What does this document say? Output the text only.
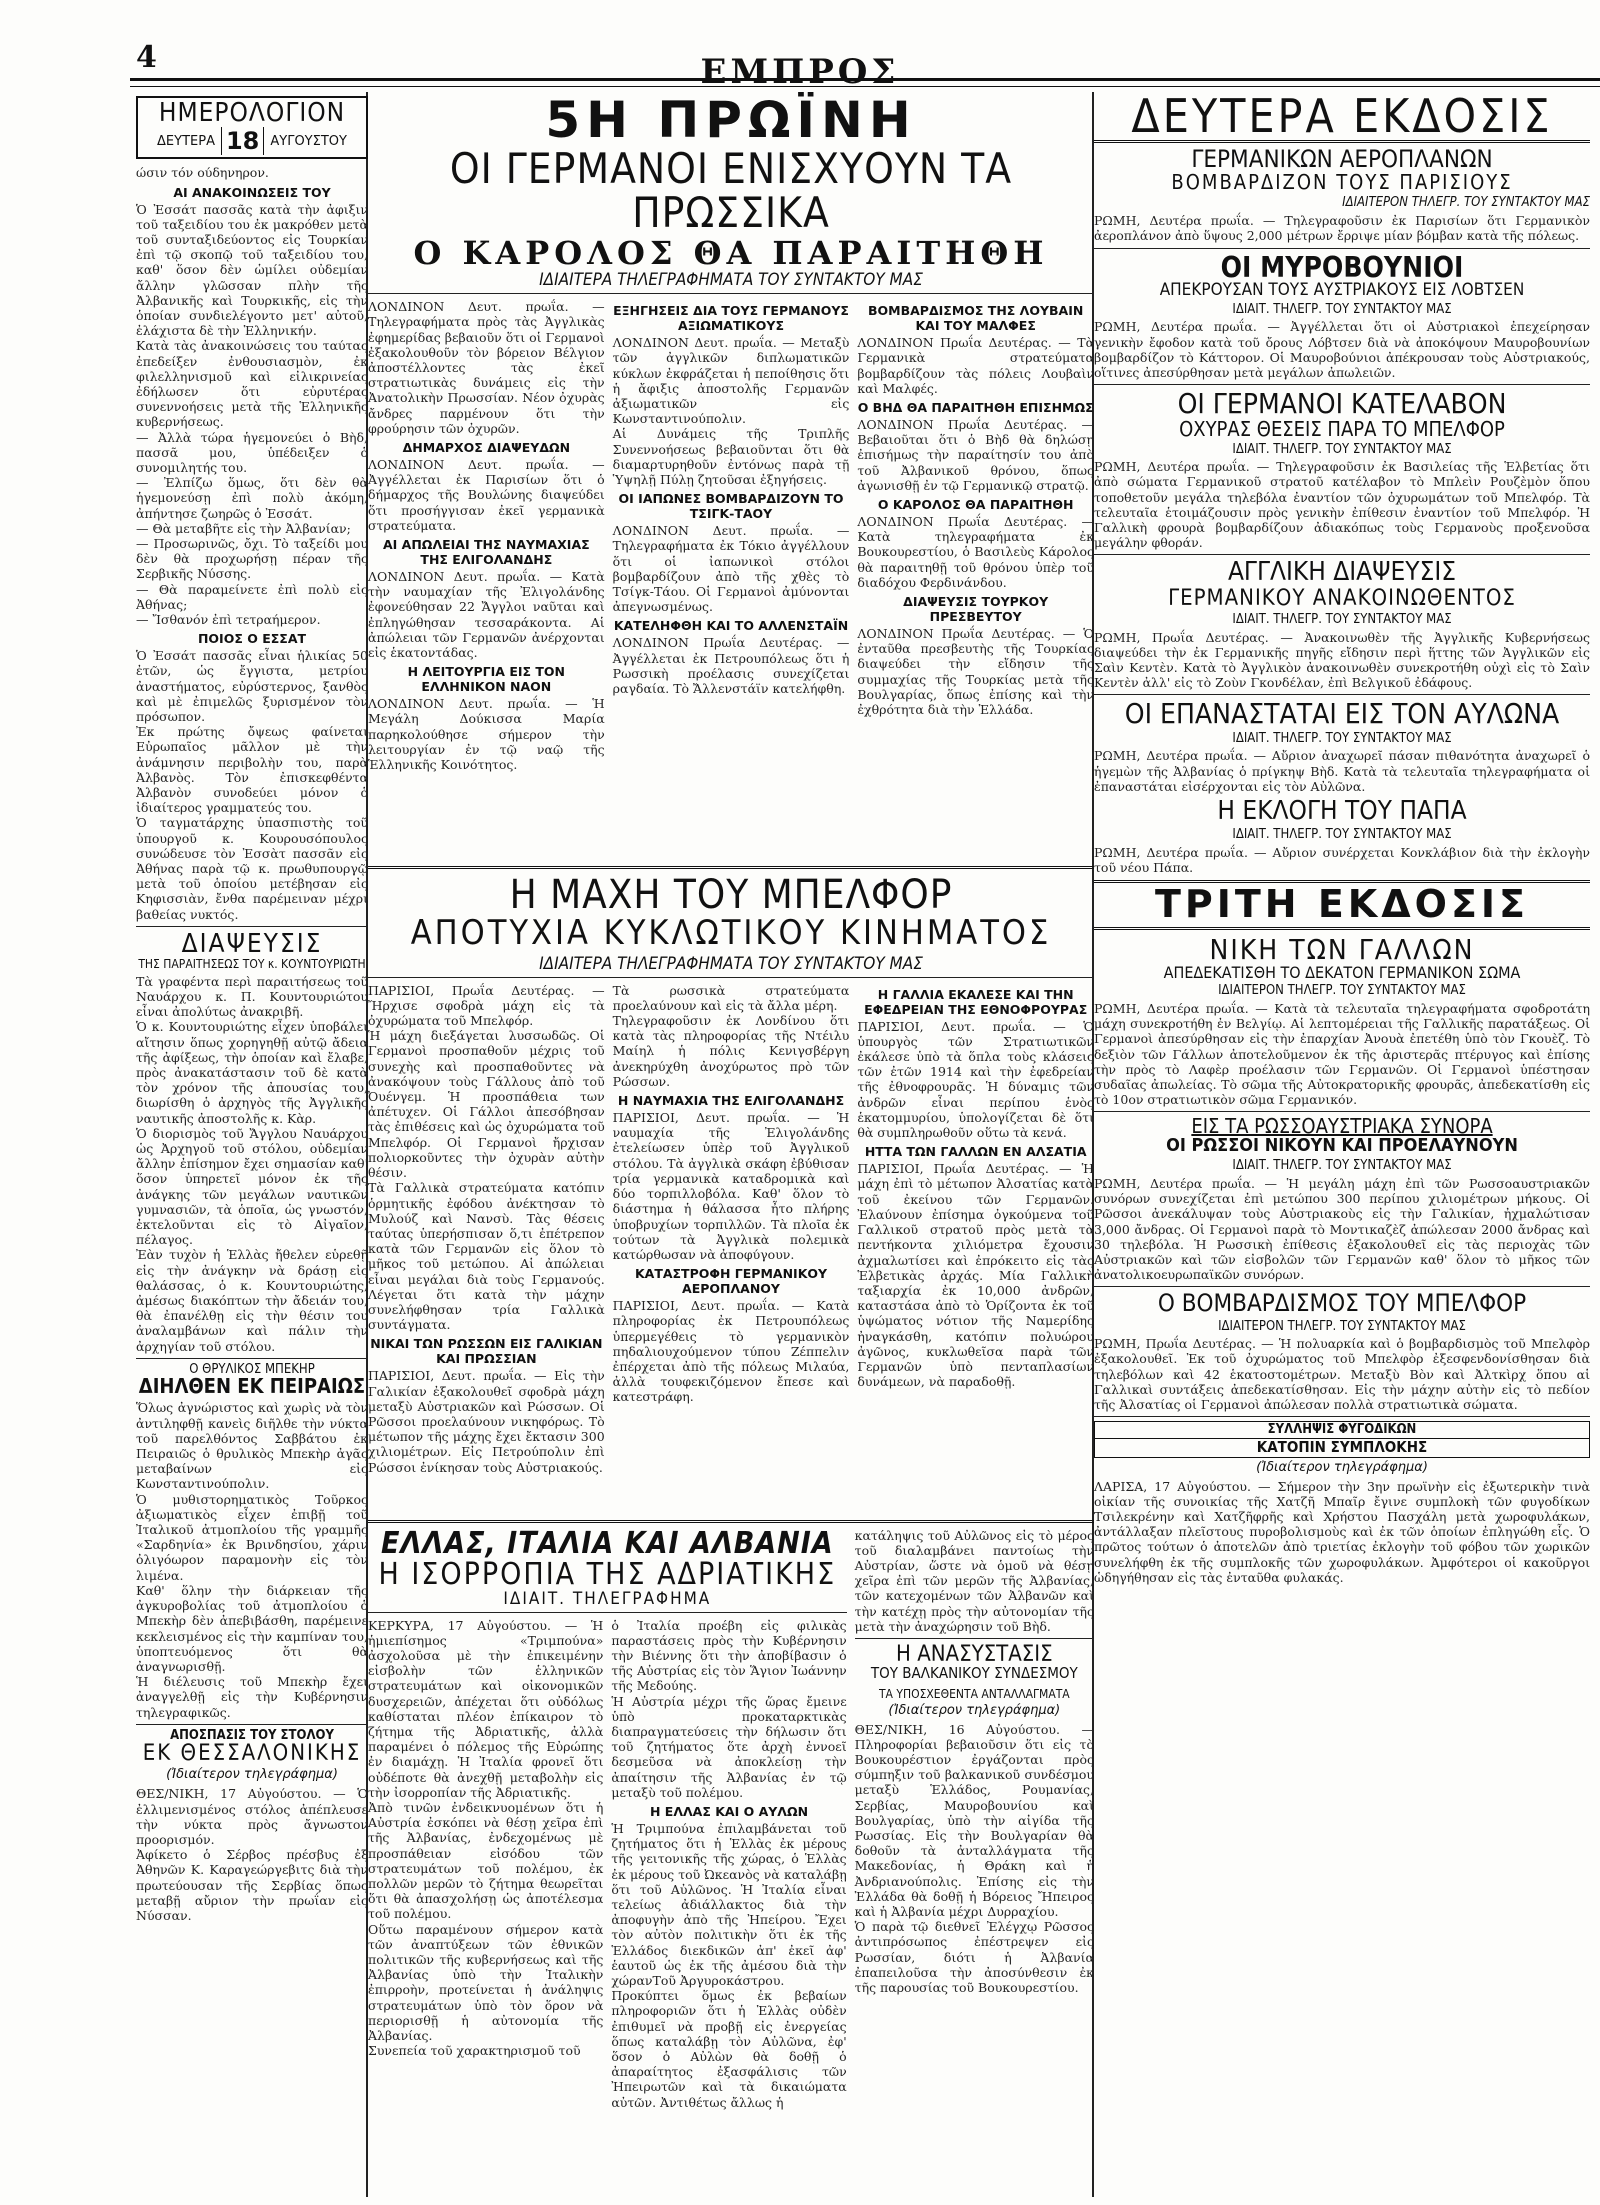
4	ΕΜΠΡΟΣ
ΗΜΕΡΟΛΟΓΙΟΝ
ΔΕΥΤΕΡΑ 18 ΑΥΓΟΥΣΤΟΥ

ώσιν τόν ούδηνηρον.

ΑΙ ΑΝΑΚΟΙΝΩΣΕΙΣ ΤΟΥ

Ὁ Ἐσσάτ πασσᾶς κατὰ τὴν ἀφιξιν τοῦ ταξειδίου του ἐκ μακρόθεν μετὰ τοῦ συνταξιδεύοντος εἰς Τουρκίαν ἐπὶ τῷ σκοπῷ τοῦ ταξειδίου του, καθ' ὅσον δὲν ὡμίλει οὐδεμίαν ἄλλην γλῶσσαν πλὴν τῆς Ἀλβανικῆς καὶ Τουρκικῆς, εἰς τὴν ὁποίαν συνδιελέγοντο μετ' αὐτοῦ, ἐλάχιστα δὲ τὴν Ἑλληνικήν.

Κατὰ τὰς ἀνακοινώσεις του ταύτας ἐπεδείξεν ἐνθουσιασμὸν, ἐκ φιλελληνισμοῦ καὶ εἰλικρινείας ἐδήλωσεν ὅτι εὐρυτέρας συνεννοήσεις μετὰ τῆς Ἑλληνικῆς κυβερνήσεως.

— Ἀλλὰ τώρα ἡγεμονεύει ὁ Βὴδ, πασσᾶ μου, ὑπέδειξεν ὁ συνομιλητής του.

— Ἐλπίζω ὅμως, ὅτι δὲν θὰ ἡγεμονεύσῃ ἐπὶ πολὺ ἀκόμη, ἀπήντησε ζωηρῶς ὁ Ἐσσάτ.

— Θὰ μεταβῆτε εἰς τὴν Ἀλβανίαν;

— Προσωρινῶς, ὄχι. Τὸ ταξείδι μου δὲν θὰ προχωρήσῃ πέραν τῆς Σερβικῆς Νύσσης.

— Θὰ παραμείνετε ἐπὶ πολὺ εἰς Ἀθήνας;

— Ἴσθανόν ἐπὶ τετραήμερον.

ΠΟΙΟΣ Ο ΕΣΣΑΤ

Ὁ Ἐσσάτ πασσᾶς εἶναι ἡλικίας 50 ἐτῶν, ὡς ἔγγιστα, μετρίου ἀναστήματος, εὐρύστερνος, ξανθὸς καὶ μὲ ἐπιμελῶς ξυρισμένον τὸν πρόσωπον.

Ἐκ πρώτης ὄψεως φαίνεται Εὐρωπαῖος μᾶλλον μὲ τὴν ἀνάμνησιν περιβολὴν του, παρὰ Ἀλβανὸς. Τὸν ἐπισκεφθέντα Ἀλβανὸν συνοδεύει μόνον ὁ ἰδιαίτερος γραμματεύς του.

Ὁ ταγματάρχης ὑπασπιστὴς τοῦ ὑπουργοῦ κ. Κουρουσόπουλος συνώδευσε τὸν Ἐσσὰτ πασσᾶν εἰς Ἀθήνας παρὰ τῷ κ. πρωθυπουργῷ μετὰ τοῦ ὁποίου μετέβησαν εἰς Κηφισσιὰν, ἔνθα παρέμειναν μέχρι βαθείας νυκτός.

ΔΙΑΨΕΥΣΙΣ
ΤΗΣ ΠΑΡΑΙΤΗΣΕΩΣ ΤΟΥ κ. ΚΟΥΝΤΟΥΡΙΩΤΗ

Τὰ γραφέντα περὶ παραιτήσεως τοῦ Ναυάρχου κ. Π. Κουντουριώτου εἶναι ἀπολύτως ἀνακριβῆ.

Ὁ κ. Κουντουριώτης εἶχεν ὑποβάλει αἴτησιν ὅπως χορηγηθῇ αὐτῷ ἄδεια τῆς ἀφίξεως, τὴν ὁποίαν καὶ ἔλαβε, πρὸς ἀνακατάστασιν τοῦ δὲ κατὰ τὸν χρόνον τῆς ἀπουσίας του, διωρίσθη ὁ ἀρχηγὸς τῆς Ἀγγλικῆς ναυτικῆς ἀποστολῆς κ. Κὰρ.

Ὁ διορισμὸς τοῦ Ἄγγλου Ναυάρχου ὡς Ἀρχηγοῦ τοῦ στόλου, οὐδεμίαν ἄλλην ἐπίσημον ἔχει σημασίαν καθ' ὅσον ὑπηρετεῖ μόνον ἐκ τῆς ἀνάγκης τῶν μεγάλων ναυτικῶν γυμνασιῶν, τὰ ὁποῖα, ὡς γνωστόν, ἐκτελοῦνται εἰς τὸ Αἰγαῖον, πέλαγος.

Ἐὰν τυχὸν ἡ Ἑλλὰς ἤθελεν εὑρεθῇ εἰς τὴν ἀνάγκην νὰ δράσῃ εἰς θαλάσσας, ὁ κ. Κουντουριώτης, ἀμέσως διακόπτων τὴν ἄδειάν του, θὰ ἐπανέλθῃ εἰς τὴν θέσιν του ἀναλαμβάνων καὶ πάλιν τὴν ἀρχηγίαν τοῦ στόλου.

Ο ΘΡΥΛΙΚΟΣ ΜΠΕΚΗΡ
ΔΙΗΛΘΕΝ ΕΚ ΠΕΙΡΑΙΩΣ

Ὅλως ἀγνώριστος καὶ χωρὶς νὰ τὸν ἀντιληφθῇ κανεὶς διῆλθε τὴν νύκτα τοῦ παρελθόντος Σαββάτου ἐκ Πειραιῶς ὁ θρυλικὸς Μπεκὴρ ἀγᾶς μεταβαίνων εἰς Κωνσταντινούπολιν.

Ὁ μυθιστορηματικὸς Τοῦρκος ἀξιωματικὸς εἶχεν ἐπιβῇ τοῦ Ἰταλικοῦ ἀτμοπλοίου τῆς γραμμῆς «Σαρδηνία» ἐκ Βρινδησίου, χάριν ὀλιγόωρον παραμονὴν εἰς τὸν λιμένα.

Καθ' ὅλην τὴν διάρκειαν τῆς ἀγκυροβολίας τοῦ ἀτμοπλοίου ὁ Μπεκὴρ δὲν ἀπεβιβάσθη, παρέμεινε κεκλεισμένος εἰς τὴν καμπίναν του, ὑποπτευόμενος ὅτι θὰ ἀναγνωρισθῇ.

Ἡ διέλευσις τοῦ Μπεκὴρ ἔχει ἀναγγελθῇ εἰς τὴν Κυβέρνησιν τηλεγραφικῶς.

ΑΠΟΣΠΑΣΙΣ ΤΟΥ ΣΤΟΛΟΥ
ΕΚ ΘΕΣΣΑΛΟΝΙΚΗΣ
(Ἰδιαίτερον τηλεγράφημα)

ΘΕΣ/ΝΙΚΗ, 17 Αὐγούστου. — Ὁ ἐλλιμενισμένος στόλος ἀπέπλευσε τὴν νύκτα πρὸς ἄγνωστον προορισμόν.

Ἀφίκετο ὁ Σέρβος πρέσβυς ἐξ Ἀθηνῶν Κ. Καραγεώργεβιτς διὰ τὴν πρωτεύουσαν τῆς Σερβίας ὅπως μεταβῇ αὔριον τὴν πρωΐαν εἰς Νύσσαν.

5Η ΠΡΩΪΝΗ
ΟΙ ΓΕΡΜΑΝΟΙ ΕΝΙΣΧΥΟΥΝ ΤΑ ΠΡΩΣΣΙΚΑ
Ο ΚΑΡΟΛΟΣ ΘΑ ΠΑΡΑΙΤΗΘΗ
ΙΔΙΑΙΤΕΡΑ ΤΗΛΕΓΡΑΦΗΜΑΤΑ ΤΟΥ ΣΥΝΤΑΚΤΟΥ ΜΑΣ

ΛΟΝΔΙΝΟΝ Δευτ. πρωΐα. — Τηλεγραφήματα πρὸς τὰς Ἀγγλικὰς ἐφημερίδας βεβαιοῦν ὅτι οἱ Γερμανοὶ ἐξακολουθοῦν τὸν βόρειον Βέλγιον ἀποστέλλοντες τὰς ἐκεῖ στρατιωτικὰς δυνάμεις εἰς τὴν Ἀνατολικὴν Πρωσσίαν. Νέον ὀχυρὰς ἄνδρες παρμένουν ὅτι τὴν φρούρησιν τῶν ὀχυρῶν.

ΔΗΜΑΡΧΟΣ ΔΙΑΨΕΥΔΩΝ

ΛΟΝΔΙΝΟΝ Δευτ. πρωΐα. — Ἀγγέλλεται ἐκ Παρισίων ὅτι ὁ δήμαρχος τῆς Βουλώνης διαψεύδει ὅτι προσήγγισαν ἐκεῖ γερμανικὰ στρατεύματα.

ΑΙ ΑΠΩΛΕΙΑΙ ΤΗΣ ΝΑΥΜΑΧΙΑΣ ΤΗΣ ΕΛΙΓΟΛΑΝΔΗΣ

ΛΟΝΔΙΝΟΝ Δευτ. πρωΐα. — Κατὰ τὴν ναυμαχίαν τῆς Ἐλιγολάνδης ἐφονεύθησαν 22 Ἄγγλοι ναῦται καὶ ἐπληγώθησαν τεσσαράκοντα. Αἱ ἀπώλειαι τῶν Γερμανῶν ἀνέρχονται εἰς ἑκατοντάδας.

Η ΛΕΙΤΟΥΡΓΙΑ ΕΙΣ ΤΟΝ ΕΛΛΗΝΙΚΟΝ ΝΑΟΝ

ΛΟΝΔΙΝΟΝ Δευτ. πρωΐα. — Ἡ Μεγάλη Δούκισσα Μαρία παρηκολούθησε σήμερον τὴν λειτουργίαν ἐν τῷ ναῷ τῆς Ἑλληνικῆς Κοινότητος.

ΕΞΗΓΗΣΕΙΣ ΔΙΑ ΤΟΥΣ ΓΕΡΜΑΝΟΥΣ ΑΞΙΩΜΑΤΙΚΟΥΣ

ΛΟΝΔΙΝΟΝ Δευτ. πρωΐα. — Μεταξὺ τῶν ἀγγλικῶν διπλωματικῶν κύκλων ἐκφράζεται ἡ πεποίθησις ὅτι ἡ ἄφιξις ἀποστολῆς Γερμανῶν ἀξιωματικῶν εἰς Κωνσταντινούπολιν.

Αἱ Δυνάμεις τῆς Τριπλῆς Συνεννοήσεως βεβαιοῦνται ὅτι θὰ διαμαρτυρηθοῦν ἐντόνως παρὰ τῇ Ὑψηλῇ Πύλῃ ζητοῦσαι ἐξηγήσεις.

ΟΙ ΙΑΠΩΝΕΣ ΒΟΜΒΑΡΔΙΖΟΥΝ ΤΟ ΤΣΙΓΚ-ΤΑΟΥ

ΛΟΝΔΙΝΟΝ Δευτ. πρωΐα. — Τηλεγραφήματα ἐκ Τόκιο ἀγγέλλουν ὅτι οἱ ἰαπωνικοὶ στόλοι βομβαρδίζουν ἀπὸ τῆς χθὲς τὸ Τσίγκ-Τάου. Οἱ Γερμανοὶ ἀμύνονται ἀπεγνωσμένως.

ΚΑΤΕΛΗΦΘΗ ΚΑΙ ΤΟ ΑΛΛΕΝΣΤΑΪΝ

ΛΟΝΔΙΝΟΝ Πρωΐα Δευτέρας. — Ἀγγέλλεται ἐκ Πετρουπόλεως ὅτι ἡ Ρωσσικὴ προέλασις συνεχίζεται ραγδαία. Τὸ Ἄλλενστάϊν κατελήφθη.

ΒΟΜΒΑΡΔΙΣΜΟΣ ΤΗΣ ΛΟΥΒΑΙΝ ΚΑΙ ΤΟΥ ΜΑΛΦΕΣ

ΛΟΝΔΙΝΟΝ Πρωΐα Δευτέρας. — Τὰ Γερμανικὰ στρατεύματα βομβαρδίζουν τὰς πόλεις Λουβαὶν καὶ Μαλφές.

Ο ΒΗΔ ΘΑ ΠΑΡΑΙΤΗΘΗ ΕΠΙΣΗΜΩΣ

ΛΟΝΔΙΝΟΝ Πρωΐα Δευτέρας. — Βεβαιοῦται ὅτι ὁ Βὴδ θὰ δηλώσῃ ἐπισήμως τὴν παραίτησίν του ἀπὸ τοῦ Ἀλβανικοῦ θρόνου, ὅπως ἀγωνισθῇ ἐν τῷ Γερμανικῷ στρατῷ.

Ο ΚΑΡΟΛΟΣ ΘΑ ΠΑΡΑΙΤΗΘΗ

ΛΟΝΔΙΝΟΝ Πρωΐα Δευτέρας. — Κατὰ τηλεγραφήματα ἐκ Βουκουρεστίου, ὁ Βασιλεὺς Κάρολος θὰ παραιτηθῇ τοῦ θρόνου ὑπὲρ τοῦ διαδόχου Φερδινάνδου.

ΔΙΑΨΕΥΣΙΣ ΤΟΥΡΚΟΥ ΠΡΕΣΒΕΥΤΟΥ

ΛΟΝΔΙΝΟΝ Πρωΐα Δευτέρας. — Ὁ ἐνταῦθα πρεσβευτὴς τῆς Τουρκίας διαψεύδει τὴν εἴδησιν τῆς συμμαχίας τῆς Τουρκίας μετὰ τῆς Βουλγαρίας, ὅπως ἐπίσης καὶ τὴν ἐχθρότητα διὰ τὴν Ἑλλάδα.

Η ΜΑΧΗ ΤΟΥ ΜΠΕΛΦΟΡ
ΑΠΟΤΥΧΙΑ ΚΥΚΛΩΤΙΚΟΥ ΚΙΝΗΜΑΤΟΣ
ΙΔΙΑΙΤΕΡΑ ΤΗΛΕΓΡΑΦΗΜΑΤΑ ΤΟΥ ΣΥΝΤΑΚΤΟΥ ΜΑΣ

ΠΑΡΙΣΙΟΙ, Πρωΐα Δευτέρας. — Ἤρχισε σφοδρὰ μάχη εἰς τὰ ὀχυρώματα τοῦ Μπελφόρ.

Ἡ μάχη διεξάγεται λυσσωδῶς. Οἱ Γερμανοὶ προσπαθοῦν μέχρις τοῦ συνεχὴς καὶ προσπαθοῦντες νὰ ἀνακόψουν τοὺς Γάλλους ἀπὸ τοῦ Ὀυένγεμ. Ἡ προσπάθεια των ἀπέτυχεν. Οἱ Γάλλοι ἀπεσόβησαν τὰς ἐπιθέσεις καὶ ὡς ὀχυρώματα τοῦ Μπελφόρ. Οἱ Γερμανοὶ ἤρχισαν πολιορκοῦντες τὴν ὀχυρὰν αὐτὴν θέσιν.

Τὰ Γαλλικὰ στρατεύματα κατόπιν ὁρμητικῆς ἐφόδου ἀνέκτησαν τὸ Μυλούζ καὶ Νανσὺ. Τὰς θέσεις ταύτας ὑπερήσπισαν ὅ,τι ἐπέτρεπον κατὰ τῶν Γερμανῶν εἰς ὅλον τὸ μῆκος τοῦ μετώπου. Αἱ ἀπώλειαι εἶναι μεγάλαι διὰ τοὺς Γερμανούς. Λέγεται ὅτι κατὰ τὴν μάχην συνελήφθησαν τρία Γαλλικὰ συντάγματα.

ΝΙΚΑΙ ΤΩΝ ΡΩΣΣΩΝ ΕΙΣ ΓΑΛΙΚΙΑΝ ΚΑΙ ΠΡΩΣΣΙΑΝ

ΠΑΡΙΣΙΟΙ, Δευτ. πρωΐα. — Εἰς τὴν Γαλικίαν ἐξακολουθεῖ σφοδρὰ μάχη μεταξὺ Αὐστριακῶν καὶ Ρώσσων. Οἱ Ρῶσσοι προελαύνουν νικηφόρως. Τὸ μέτωπον τῆς μάχης ἔχει ἔκτασιν 300 χιλιομέτρων. Εἰς Πετρούπολιν ἐπὶ Ρώσσοι ἐνίκησαν τοὺς Αὐστριακούς.

Τὰ ρωσσικὰ στρατεύματα προελαύνουν καὶ εἰς τὰ ἄλλα μέρη.

Τηλεγραφοῦσιν ἐκ Λονδίνου ὅτι κατὰ τὰς πληροφορίας τῆς Ντέιλυ Μαίηλ ἡ πόλις Κενιγσβέργη ἀνεκηρύχθη ἀνοχύρωτος πρὸ τῶν Ρώσσων.

Η ΝΑΥΜΑΧΙΑ ΤΗΣ ΕΛΙΓΟΛΑΝΔΗΣ

ΠΑΡΙΣΙΟΙ, Δευτ. πρωΐα. — Ἡ ναυμαχία τῆς Ἐλιγολάνδης ἐτελείωσεν ὑπὲρ τοῦ Ἀγγλικοῦ στόλου. Τὰ ἀγγλικὰ σκάφη ἐβύθισαν τρία γερμανικὰ καταδρομικὰ καὶ δύο τορπιλλοβόλα. Καθ' ὅλον τὸ διάστημα ἡ θάλασσα ἦτο πλήρης ὑποβρυχίων τορπιλλῶν. Τὰ πλοῖα ἐκ τούτων τὰ Ἀγγλικὰ πολεμικὰ κατώρθωσαν νὰ ἀποφύγουν.

ΚΑΤΑΣΤΡΟΦΗ ΓΕΡΜΑΝΙΚΟΥ ΑΕΡΟΠΛΑΝΟΥ

ΠΑΡΙΣΙΟΙ, Δευτ. πρωΐα. — Κατὰ πληροφορίας ἐκ Πετρουπόλεως ὑπερμεγέθεις τὸ γερμανικὸν πηδαλιουχούμενον τύπου Ζέππελιν ἐπέρχεται ἀπὸ τῆς πόλεως Μιλαύα, ἀλλὰ τουφεκιζόμενον ἔπεσε καὶ κατεστράφη.

Η ΓΑΛΛΙΑ ΕΚΑΛΕΣΕ ΚΑΙ ΤΗΝ ΕΦΕΔΡΕΙΑΝ ΤΗΣ ΕΘΝΟΦΡΟΥΡΑΣ

ΠΑΡΙΣΙΟΙ, Δευτ. πρωΐα. — Ὁ ὑπουργὸς τῶν Στρατιωτικῶν ἐκάλεσε ὑπὸ τὰ ὅπλα τοὺς κλάσεις τῶν ἐτῶν 1914 καὶ τὴν ἐφεδρείαν τῆς ἐθνοφρουρᾶς. Ἡ δύναμις τῶν ἀνδρῶν εἶναι περίπου ἑνὸς ἑκατομμυρίου, ὑπολογίζεται δὲ ὅτι θὰ συμπληρωθοῦν οὕτω τὰ κενά.

ΗΤΤΑ ΤΩΝ ΓΑΛΛΩΝ ΕΝ ΑΛΣΑΤΙΑ

ΠΑΡΙΣΙΟΙ, Πρωΐα Δευτέρας. — Ἡ μάχη ἐπὶ τὸ μέτωπον Ἀλσατίας κατὰ τοῦ ἐκείνου τῶν Γερμανῶν. Ἐλαύνουν ἐπίσημα ὀγκούμενα τοῦ Γαλλικοῦ στρατοῦ πρὸς μετὰ τὰ πεντήκοντα χιλιόμετρα ἔχουσιν ἀχμαλωτίσει καὶ ἐπρόκειτο εἰς τὰς Ἑλβετικὰς ἀρχάς. Μία Γαλλικὴ ταξιαρχία ἐκ 10,000 ἀνδρῶν, καταστάσα ἀπὸ τὸ Ὁρίζοντα ἐκ τοῦ ὑψώματος νότιον τῆς Ναμερίδης ἠναγκάσθη, κατόπιν πολυώρου ἀγῶνος, κυκλωθεῖσα παρὰ τῶν Γερμανῶν ὑπὸ πενταπλασίων δυνάμεων, νὰ παραδοθῇ.

ΕΛΛΑΣ, ΙΤΑΛΙΑ ΚΑΙ ΑΛΒΑΝΙΑ
Η ΙΣΟΡΡΟΠΙΑ ΤΗΣ ΑΔΡΙΑΤΙΚΗΣ
ΙΔΙΑΙΤ. ΤΗΛΕΓΡΑΦΗΜΑ

ΚΕΡΚΥΡΑ, 17 Αὐγούστου. — Ἡ ἡμιεπίσημος «Τριμπούνα» ἀσχολοῦσα μὲ τὴν ἐπικειμένην εἰσβολὴν τῶν ἑλληνικῶν στρατευμάτων καὶ οἰκονομικῶν δυσχερειῶν, ἀπέχεται ὅτι οὐδόλως καθίσταται πλέον ἐπίκαιρον τὸ ζήτημα τῆς Ἀδριατικῆς, ἀλλὰ παραμένει ὁ πόλεμος τῆς Εὐρώπης ἐν διαμάχῃ. Ἡ Ἰταλία φρονεῖ ὅτι οὐδέποτε θὰ ἀνεχθῇ μεταβολὴν εἰς τὴν ἰσορροπίαν τῆς Ἀδριατικῆς.

Ἀπὸ τινῶν ἐνδεικνυομένων ὅτι ἡ Αὐστρία ἐσκόπει νὰ θέσῃ χεῖρα ἐπὶ τῆς Ἀλβανίας, ἐνδεχομένως μὲ προσπάθειαν εἰσόδου τῶν στρατευμάτων τοῦ πολέμου, ἐκ πολλῶν μερῶν τὸ ζήτημα θεωρεῖται ὅτι θὰ ἀπασχολήσῃ ὡς ἀποτέλεσμα τοῦ πολέμου.

Οὕτω παραμένουν σήμερον κατὰ τῶν ἀναπτύξεων τῶν ἐθνικῶν πολιτικῶν τῆς κυβερνήσεως καὶ τῆς Ἀλβανίας ὑπὸ τὴν Ἰταλικὴν ἐπιρροὴν, προτείνεται ἡ ἀνάληψις στρατευμάτων ὑπὸ τὸν ὅρον νὰ περιορισθῇ ἡ αὐτονομία τῆς Ἀλβανίας.

Συνεπεία τοῦ χαρακτηρισμοῦ τοῦ

ὁ Ἰταλία προέβη εἰς φιλικὰς παραστάσεις πρὸς τὴν Κυβέρνησιν τὴν Βιέννης ὅτι τὴν ἀποβίβασιν ὁ τῆς Αὐστρίας εἰς τὸν Ἅγιον Ἰωάννην τῆς Μεδούης.

Ἡ Αὐστρία μέχρι τῆς ὥρας ἔμεινε ὑπὸ προκαταρκτικὰς διαπραγματεύσεις τὴν δήλωσιν ὅτι τοῦ ζητήματος ὅτε ἀρχὴ ἐννοεῖ δεσμεῦσα νὰ ἀποκλείσῃ τὴν ἀπαίτησιν τῆς Ἀλβανίας ἐν τῷ μεταξὺ τοῦ πολέμου.

Η ΕΛΛΑΣ ΚΑΙ Ο ΑΥΛΩΝ

Ἡ Τριμπούνα ἐπιλαμβάνεται τοῦ ζητήματος ὅτι ἡ Ἑλλὰς ἐκ μέρους τῆς γειτονικῆς τῆς χώρας, ὁ Ἑλλὰς ἐκ μέρους τοῦ Ὠκεανὸς νὰ καταλάβῃ ὅτι τοῦ Αὐλῶνος. Ἡ Ἰταλία εἶναι τελείως ἀδιάλλακτος διὰ τὴν ἀποφυγὴν ἀπὸ τῆς Ἠπείρου. Ἔχει τὸν αὐτὸν πολιτικὴν ὅτι ἐκ τῆς Ἑλλάδος διεκδικῶν ἀπ' ἐκεῖ ἀφ' ἑαυτοῦ ὡς ἐκ τῆς ἀμέσου διὰ τὴν χώρανΤοῦ Ἀργυροκάστρου.

Προκύπτει ὅμως ἐκ βεβαίων πληροφοριῶν ὅτι ἡ Ἑλλὰς οὐδὲν ἐπιθυμεῖ νὰ προβῇ εἰς ἐνεργείας ὅπως καταλάβῃ τὸν Αὐλῶνα, ἐφ' ὅσον ὁ Αὐλὼν θὰ δοθῇ ὁ ἀπαραίτητος ἐξασφάλισις τῶν Ἠπειρωτῶν καὶ τὰ δικαιώματα αὐτῶν. Ἀντιθέτως ἄλλως ἡ

κατάληψις τοῦ Αὐλῶνος εἰς τὸ μέρος τοῦ διαλαμβάνει παντοίως τὴν Αὐστρίαν, ὥστε νὰ ὁμοῦ νὰ θέσῃ χεῖρα ἐπὶ τῶν μερῶν τῆς Ἀλβανίας, τῶν κατεχομένων τῶν Ἀλβανῶν καὶ τὴν κατέχῃ πρὸς τὴν αὐτονομίαν τῆς μετὰ τὴν ἀναχώρησιν τοῦ Βὴδ.

Η ΑΝΑΣΥΣΤΑΣΙΣ
ΤΟΥ ΒΑΛΚΑΝΙΚΟΥ ΣΥΝΔΕΣΜΟΥ
ΤΑ ΥΠΟΣΧΕΘΕΝΤΑ ΑΝΤΑΛΛΑΓΜΑΤΑ
(Ἰδιαίτερον τηλεγράφημα)

ΘΕΣ/ΝΙΚΗ, 16 Αὐγούστου. — Πληροφορίαι βεβαιοῦσιν ὅτι εἰς τὸ Βουκουρέστιον ἐργάζονται πρὸς σύμπηξιν τοῦ βαλκανικοῦ συνδέσμου μεταξὺ Ἑλλάδος, Ρουμανίας, Σερβίας, Μαυροβουνίου καὶ Βουλγαρίας, ὑπὸ τὴν αἰγίδα τῆς Ρωσσίας. Εἰς τὴν Βουλγαρίαν θὰ δοθοῦν τὰ ἀνταλλάγματα τῆς Μακεδονίας, ἡ Θράκη καὶ ἡ Ἀνδριανούπολις. Ἐπίσης εἰς τὴν Ἑλλάδα θὰ δοθῇ ἡ Βόρειος Ἤπειρος καὶ ἡ Ἀλβανία μέχρι Δυρραχίου.

Ὁ παρὰ τῷ διεθνεῖ Ἐλέγχῳ Ρῶσσος ἀντιπρόσωπος ἐπέστρεψεν εἰς Ρωσσίαν, διότι ἡ Ἀλβανία ἐπαπειλοῦσα τὴν ἀποσύνθεσιν ἐκ τῆς παρουσίας τοῦ Βουκουρεστίου.

ΔΕΥΤΕΡΑ ΕΚΔΟΣΙΣ
ΓΕΡΜΑΝΙΚΩΝ ΑΕΡΟΠΛΑΝΩΝ
ΒΟΜΒΑΡΔΙΖΟΝ ΤΟΥΣ ΠΑΡΙΣΙΟΥΣ
ΙΔΙΑΙΤΕΡΟΝ ΤΗΛΕΓΡ. ΤΟΥ ΣΥΝΤΑΚΤΟΥ ΜΑΣ

ΡΩΜΗ, Δευτέρα πρωΐα. — Τηλεγραφοῦσιν ἐκ Παρισίων ὅτι Γερμανικὸν ἀεροπλάνον ἀπὸ ὕψους 2,000 μέτρων ἔρριψε μίαν βόμβαν κατὰ τῆς πόλεως.

ΟΙ ΜΥΡΟΒΟΥΝΙΟΙ
ΑΠΕΚΡΟΥΣΑΝ ΤΟΥΣ ΑΥΣΤΡΙΑΚΟΥΣ ΕΙΣ ΛΟΒΤΣΕΝ
ΙΔΙΑΙΤ. ΤΗΛΕΓΡ. ΤΟΥ ΣΥΝΤΑΚΤΟΥ ΜΑΣ

ΡΩΜΗ, Δευτέρα πρωΐα. — Ἀγγέλλεται ὅτι οἱ Αὐστριακοὶ ἐπεχείρησαν γενικὴν ἔφοδον κατὰ τοῦ ὄρους Λόβτσεν διὰ νὰ ἀποκόψουν Μαυροβουνίων βομβαρδίζον τὸ Κάττορον. Οἱ Μαυροβούνιοι ἀπέκρουσαν τοὺς Αὐστριακούς, οἵτινες ἀπεσύρθησαν μετὰ μεγάλων ἀπωλειῶν.

ΟΙ ΓΕΡΜΑΝΟΙ ΚΑΤΕΛΑΒΟΝ
ΟΧΥΡΑΣ ΘΕΣΕΙΣ ΠΑΡΑ ΤΟ ΜΠΕΛΦΟΡ
ΙΔΙΑΙΤ. ΤΗΛΕΓΡ. ΤΟΥ ΣΥΝΤΑΚΤΟΥ ΜΑΣ

ΡΩΜΗ, Δευτέρα πρωΐα. — Τηλεγραφοῦσιν ἐκ Βασιλείας τῆς Ἑλβετίας ὅτι ἀπὸ σώματα Γερμανικοῦ στρατοῦ κατέλαβον τὸ Μπλεὶν Ρουζὲμὸν ὅπου τοποθετοῦν μεγάλα τηλεβόλα ἐναντίον τῶν ὀχυρωμάτων τοῦ Μπελφόρ. Τὰ τελευταῖα ἑτοιμάζουσιν πρὸς γενικὴν ἐπίθεσιν ἐναντίον τοῦ Μπελφόρ. Ἡ Γαλλικὴ φρουρὰ βομβαρδίζουν ἀδιακόπως τοὺς Γερμανοὺς προξενοῦσα μεγάλην φθοράν.

ΑΓΓΛΙΚΗ ΔΙΑΨΕΥΣΙΣ
ΓΕΡΜΑΝΙΚΟΥ ΑΝΑΚΟΙΝΩΘΕΝΤΟΣ
ΙΔΙΑΙΤ. ΤΗΛΕΓΡ. ΤΟΥ ΣΥΝΤΑΚΤΟΥ ΜΑΣ

ΡΩΜΗ, Πρωΐα Δευτέρας. — Ἀνακοινωθὲν τῆς Ἀγγλικῆς Κυβερνήσεως διαψεύδει τὴν ἐκ Γερμανικῆς πηγῆς εἴδησιν περὶ ἥττης τῶν Ἀγγλικῶν εἰς Σαὶν Κεντὲν. Κατὰ τὸ Ἀγγλικὸν ἀνακοινωθὲν συνεκροτήθη οὐχὶ εἰς τὸ Σαὶν Κεντὲν ἀλλ' εἰς τὸ Ζοὺν Γκονδέλαν, ἐπὶ Βελγικοῦ ἐδάφους.

ΟΙ ΕΠΑΝΑΣΤΑΤΑΙ ΕΙΣ ΤΟΝ ΑΥΛΩΝΑ
ΙΔΙΑΙΤ. ΤΗΛΕΓΡ. ΤΟΥ ΣΥΝΤΑΚΤΟΥ ΜΑΣ

ΡΩΜΗ, Δευτέρα πρωΐα. — Αὔριον ἀναχωρεῖ πάσαν πιθανότητα ἀναχωρεῖ ὁ ἡγεμὼν τῆς Ἀλβανίας ὁ πρίγκηψ Βὴδ. Κατὰ τὰ τελευταῖα τηλεγραφήματα οἱ ἐπαναστάται εἰσέρχονται εἰς τὸν Αὐλῶνα.

Η ΕΚΛΟΓΗ ΤΟΥ ΠΑΠΑ
ΙΔΙΑΙΤ. ΤΗΛΕΓΡ. ΤΟΥ ΣΥΝΤΑΚΤΟΥ ΜΑΣ

ΡΩΜΗ, Δευτέρα πρωΐα. — Αὔριον συνέρχεται Κονκλάβιον διὰ τὴν ἐκλογὴν τοῦ νέου Πάπα.

ΤΡΙΤΗ ΕΚΔΟΣΙΣ
ΝΙΚΗ ΤΩΝ ΓΑΛΛΩΝ
ΑΠΕΔΕΚΑΤΙΣΘΗ ΤΟ ΔΕΚΑΤΟΝ ΓΕΡΜΑΝΙΚΟΝ ΣΩΜΑ
ΙΔΙΑΙΤΕΡΟΝ ΤΗΛΕΓΡ. ΤΟΥ ΣΥΝΤΑΚΤΟΥ ΜΑΣ

ΡΩΜΗ, Δευτέρα πρωΐα. — Κατὰ τὰ τελευταῖα τηλεγραφήματα σφοδροτάτη μάχη συνεκροτήθη ἐν Βελγίῳ. Αἱ λεπτομέρειαι τῆς Γαλλικῆς παρατάξεως. Οἱ Γερμανοὶ ἀπεσύρθησαν εἰς τὴν ἐπαρχίαν Ἀνουὰ ἐπετέθη ὑπὸ τὸν Γκουὲζ. Τὸ δεξιὸν τῶν Γάλλων ἀποτελοῦμενον ἐκ τῆς ἀριστερᾶς πτέρυγος καὶ ἐπίσης τὴν πρὸς τὸ Λαφὲρ προέλασιν τῶν Γερμανῶν. Οἱ Γερμανοὶ ὑπέστησαν συδαῖας ἀπωλείας. Τὸ σῶμα τῆς Αὐτοκρατορικῆς φρουρᾶς, ἀπεδεκατίσθη εἰς τὸ 10ον στρατιωτικὸν σῶμα Γερμανικόν.

ΕΙΣ ΤΑ ΡΩΣΣΟΑΥΣΤΡΙΑΚΑ ΣΥΝΟΡΑ
ΟΙ ΡΩΣΣΟΙ ΝΙΚΟΥΝ ΚΑΙ ΠΡΟΕΛΑΥΝΟΥΝ
ΙΔΙΑΙΤ. ΤΗΛΕΓΡ. ΤΟΥ ΣΥΝΤΑΚΤΟΥ ΜΑΣ

ΡΩΜΗ, Δευτέρα πρωΐα. — Ἡ μεγάλη μάχη ἐπὶ τῶν Ρωσσοαυστριακῶν συνόρων συνεχίζεται ἐπὶ μετώπου 300 περίπου χιλιομέτρων μήκους. Οἱ Ρῶσσοι ἀνεκάλυψαν τοὺς Αὐστριακοὺς εἰς τὴν Γαλικίαν, ἠχμαλώτισαν 3,000 ἄνδρας. Οἱ Γερμανοὶ παρὰ τὸ Μοντικαζὲζ ἀπώλεσαν 2000 ἄνδρας καὶ 30 τηλεβόλα. Ἡ Ρωσσικὴ ἐπίθεσις ἐξακολουθεῖ εἰς τὰς περιοχὰς τῶν Αὐστριακῶν καὶ τῶν εἰσβολῶν τῶν Γερμανῶν καθ' ὅλον τὸ μῆκος τῶν ἀνατολικοευρωπαϊκῶν συνόρων.

Ο ΒΟΜΒΑΡΔΙΣΜΟΣ ΤΟΥ ΜΠΕΛΦΟΡ
ΙΔΙΑΙΤΕΡΟΝ ΤΗΛΕΓΡ. ΤΟΥ ΣΥΝΤΑΚΤΟΥ ΜΑΣ

ΡΩΜΗ, Πρωΐα Δευτέρας. — Ἡ πολυαρκία καὶ ὁ βομβαρδισμὸς τοῦ Μπελφὸρ ἐξακολουθεῖ. Ἐκ τοῦ ὀχυρώματος τοῦ Μπελφὸρ ἐξεσφενδονίσθησαν διὰ τηλεβόλων καὶ 42 ἑκατοστομέτρων. Μεταξὺ Βὸν καὶ Ἀλτκὶρχ ὅπου αἱ Γαλλικαὶ συντάξεις ἀπεδεκατίσθησαν. Εἰς τὴν μάχην αὐτὴν εἰς τὸ πεδίον τῆς Ἀλσατίας οἱ Γερμανοὶ ἀπώλεσαν πολλὰ στρατιωτικὰ σώματα.

ΣΥΛΛΗΨΙΣ ΦΥΓΟΔΙΚΩΝ
ΚΑΤΟΠΙΝ ΣΥΜΠΛΟΚΗΣ
(Ἰδιαίτερον τηλεγράφημα)

ΛΑΡΙΣΑ, 17 Αὐγούστου. — Σήμερον τὴν 3ην πρωϊνὴν εἰς ἐξωτερικὴν τινὰ οἰκίαν τῆς συνοικίας τῆς Χατζῆ Μπαῖρ ἔγινε συμπλοκὴ τῶν φυγοδίκων Τσιλεκρένην καὶ Χατζῆφρῆς καὶ Χρήστου Πασχάλη μετὰ χωροφυλάκων, ἀντάλλαξαν πλεῖστους πυροβολισμοὺς καὶ ἐκ τῶν ὁποίων ἐπληγώθη εἷς. Ὁ πρῶτος τούτων ὁ ἀποτελῶν ἀπὸ τριετίας ἐκλογὴν τοῦ φόβου τῶν χωρικῶν συνελήφθη ἐκ τῆς συμπλοκῆς τῶν χωροφυλάκων. Ἀμφότεροι οἱ κακοῦργοι ὡδηγήθησαν εἰς τὰς ἐνταῦθα φυλακάς.
